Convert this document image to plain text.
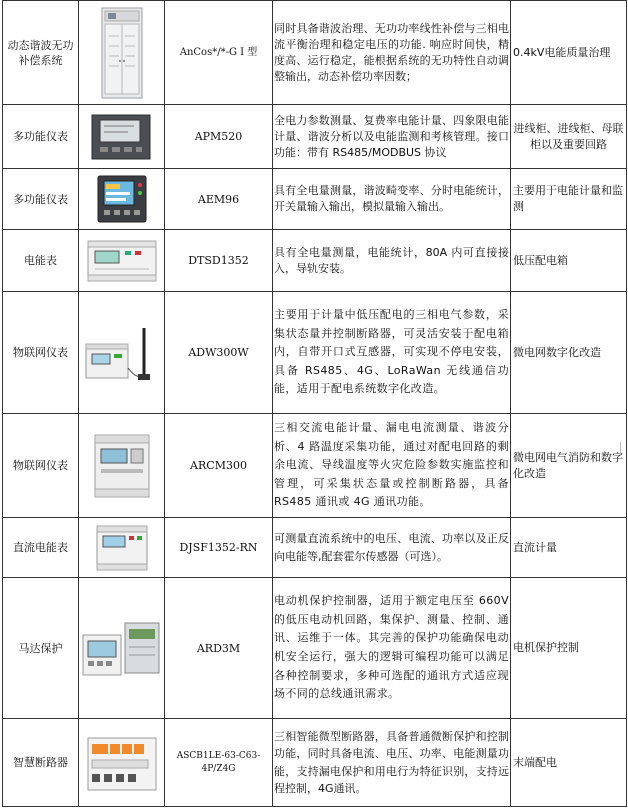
动态谐波无功补偿系统		AnCos*/*-G I 型	同时具备谐波治理、无功功率线性补偿与三相电流平衡治理和稳定电压的功能. 响应时间快，精度高、运行稳定，能根据系统的无功特性自动调整输出，动态补偿功率因数；	0.4kV电能质量治理
多功能仪表		APM520	全电力参数测量、复费率电能计量、四象限电能计量、谐波分析以及电能监测和考核管理。接口功能：带有 RS485/MODBUS 协议	进线柜、进线柜、母联柜以及重要回路
多功能仪表		AEM96	具有全电量测量，谐波畸变率、分时电能统计，开关量输入输出，模拟量输入输出。	主要用于电能计量和监测
电能表		DTSD1352	具有全电量测量，电能统计，80A 内可直接接入，导轨安装。	低压配电箱
物联网仪表		ADW300W	主要用于计量中低压配电的三相电气参数，采集状态量并控制断路器，可灵活安装于配电箱内，自带开口式互感器，可实现不停电安装，具备 RS485、4G、LoRaWan 无线通信功能，适用于配电系统数字化改造。	微电网数字化改造
物联网仪表		ARCM300	三相交流电能计量、漏电电流测量、谐波分析、4 路温度采集功能，通过对配电回路的剩余电流、导线温度等火灾危险参数实施监控和管理，可采集状态量或控制断路器，具备 RS485 通讯或 4G 通讯功能。	微电网电气消防和数字化改造
直流电能表		DJSF1352-RN	可测量直流系统中的电压、电流、功率以及正反向电能等,配套霍尔传感器（可选）。	直流计量
马达保护		ARD3M	电动机保护控制器，适用于额定电压至 660V 的低压电动机回路，集保护、测量、控制、通讯、运维于一体。其完善的保护功能确保电动机安全运行，强大的逻辑可编程功能可以满足各种控制要求，多种可选配的通讯方式适应现场不同的总线通讯需求。	电机保护控制
智慧断路器		ASCB1LE-63-C63-4P/Z4G	三相智能微型断路器，具备普通微断保护和控制功能，同时具备电流、电压、功率、电能测量功能，支持漏电保护和用电行为特征识别，支持远程控制，4G通讯。	末端配电
